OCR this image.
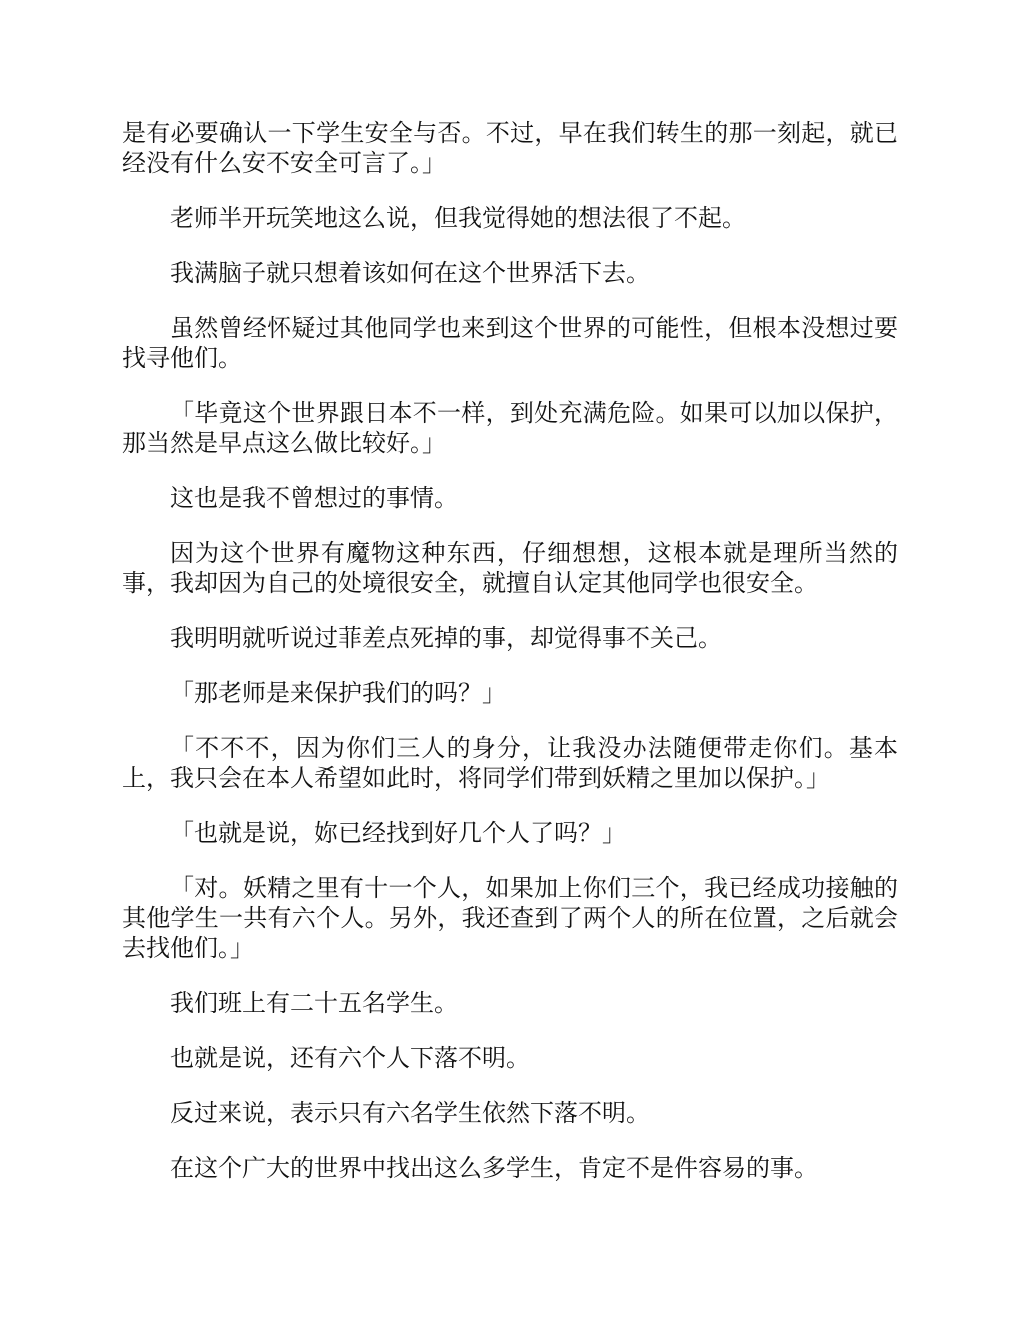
是有必要确认一下学生安全与否。不过，早在我们转生的那一刻起，就已经没有什么安不安全可言了。」

老师半开玩笑地这么说，但我觉得她的想法很了不起。

我满脑子就只想着该如何在这个世界活下去。

虽然曾经怀疑过其他同学也来到这个世界的可能性，但根本没想过要找寻他们。

「毕竟这个世界跟日本不一样，到处充满危险。如果可以加以保护，那当然是早点这么做比较好。」

这也是我不曾想过的事情。

因为这个世界有魔物这种东西，仔细想想，这根本就是理所当然的事，我却因为自己的处境很安全，就擅自认定其他同学也很安全。

我明明就听说过菲差点死掉的事，却觉得事不关己。

「那老师是来保护我们的吗？」

「不不不，因为你们三人的身分，让我没办法随便带走你们。基本上，我只会在本人希望如此时，将同学们带到妖精之里加以保护。」

「也就是说，妳已经找到好几个人了吗？」

「对。妖精之里有十一个人，如果加上你们三个，我已经成功接触的其他学生一共有六个人。另外，我还查到了两个人的所在位置，之后就会去找他们。」

我们班上有二十五名学生。

也就是说，还有六个人下落不明。

反过来说，表示只有六名学生依然下落不明。

在这个广大的世界中找出这么多学生，肯定不是件容易的事。
